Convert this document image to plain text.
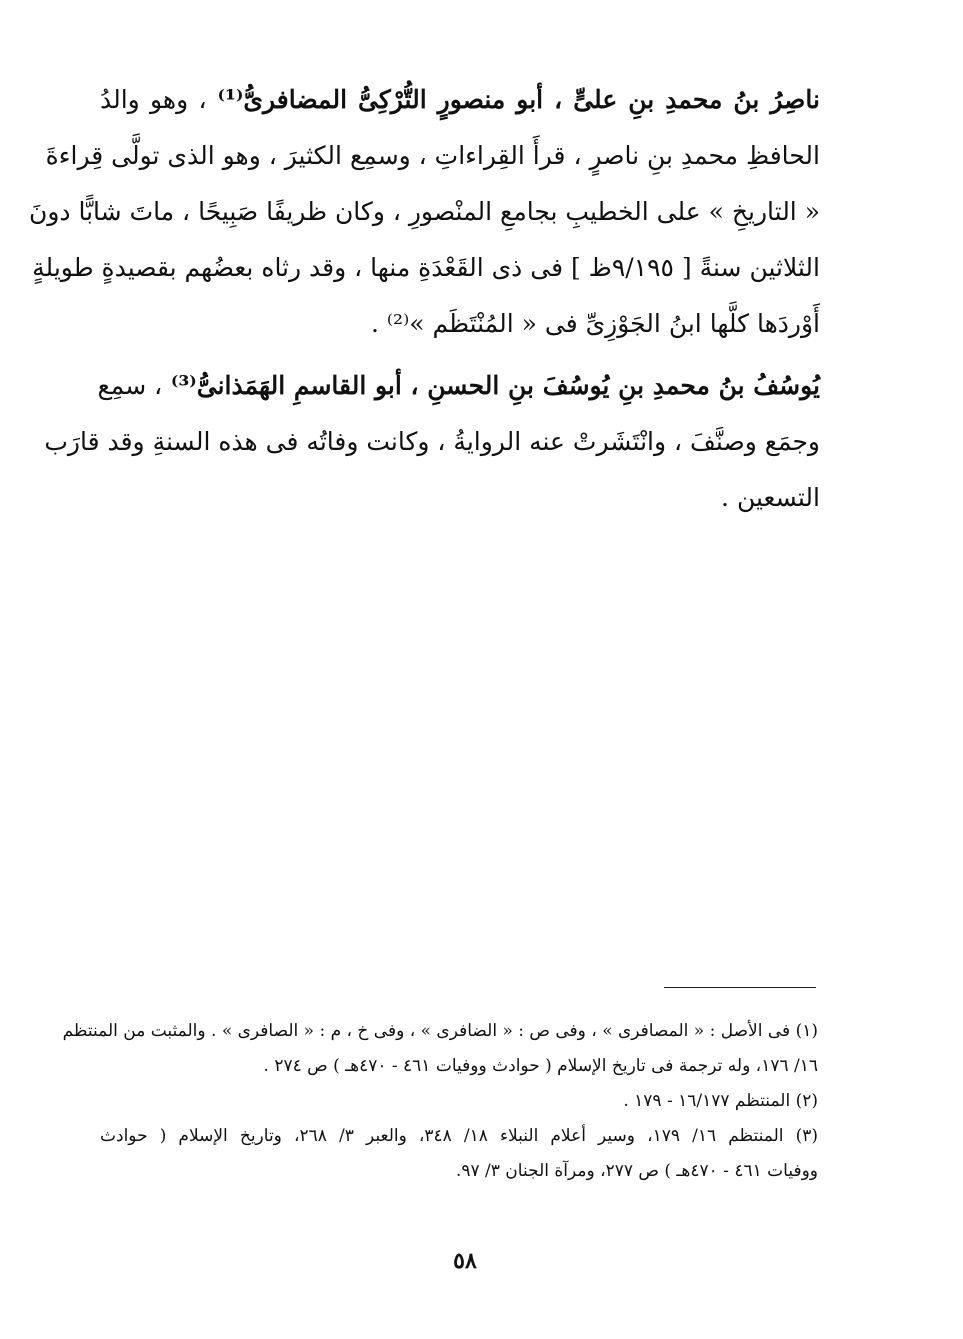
ناصِرُ بنُ محمدِ بنِ علىٍّ ، أبو منصورٍ التُّرْكِىُّ المضافرىُّ⁽¹⁾ ، وهو والدُ
الحافظِ محمدِ بنِ ناصرٍ ، قرأَ القِراءاتِ ، وسمِع الكثيرَ ، وهو الذى تولَّى قِراءةَ
« التاريخِ » على الخطيبِ بجامعِ المنْصورِ ، وكان ظريفًا صَبِيحًا ، ماتَ شابًّا دونَ
الثلاثين سنةً [ ٩/١٩٥ظ ] فى ذى القَعْدَةِ منها ، وقد رثاه بعضُهم بقصيدةٍ طويلةٍ
أَوْردَها كلَّها ابنُ الجَوْزِىِّ فى « المُنْتَظَم »⁽²⁾ .
يُوسُفُ بنُ محمدِ بنِ يُوسُفَ بنِ الحسنِ ، أبو القاسمِ الهَمَذانىُّ⁽³⁾ ، سمِع
وجمَع وصنَّفَ ، وانْتَشَرتْ عنه الروايةُ ، وكانت وفاتُه فى هذه السنةِ وقد قارَب
التسعين .
(١) فى الأصل : « المصافرى » ، وفى ص : « الضافرى » ، وفى خ ، م : « الصافرى » . والمثبت من المنتظم
١٦/ ١٧٦، وله ترجمة فى تاريخ الإسلام ( حوادث ووفيات ٤٦١ - ٤٧٠هـ ) ص ٢٧٤ .
(٢) المنتظم ١٦/١٧٧ - ١٧٩ .
(٣) المنتظم ١٦/ ١٧٩، وسير أعلام النبلاء ١٨/ ٣٤٨، والعبر ٣/ ٢٦٨، وتاريخ الإسلام ( حوادث
ووفيات ٤٦١ - ٤٧٠هـ ) ص ٢٧٧، ومرآة الجنان ٣/ ٩٧.
٥٨
